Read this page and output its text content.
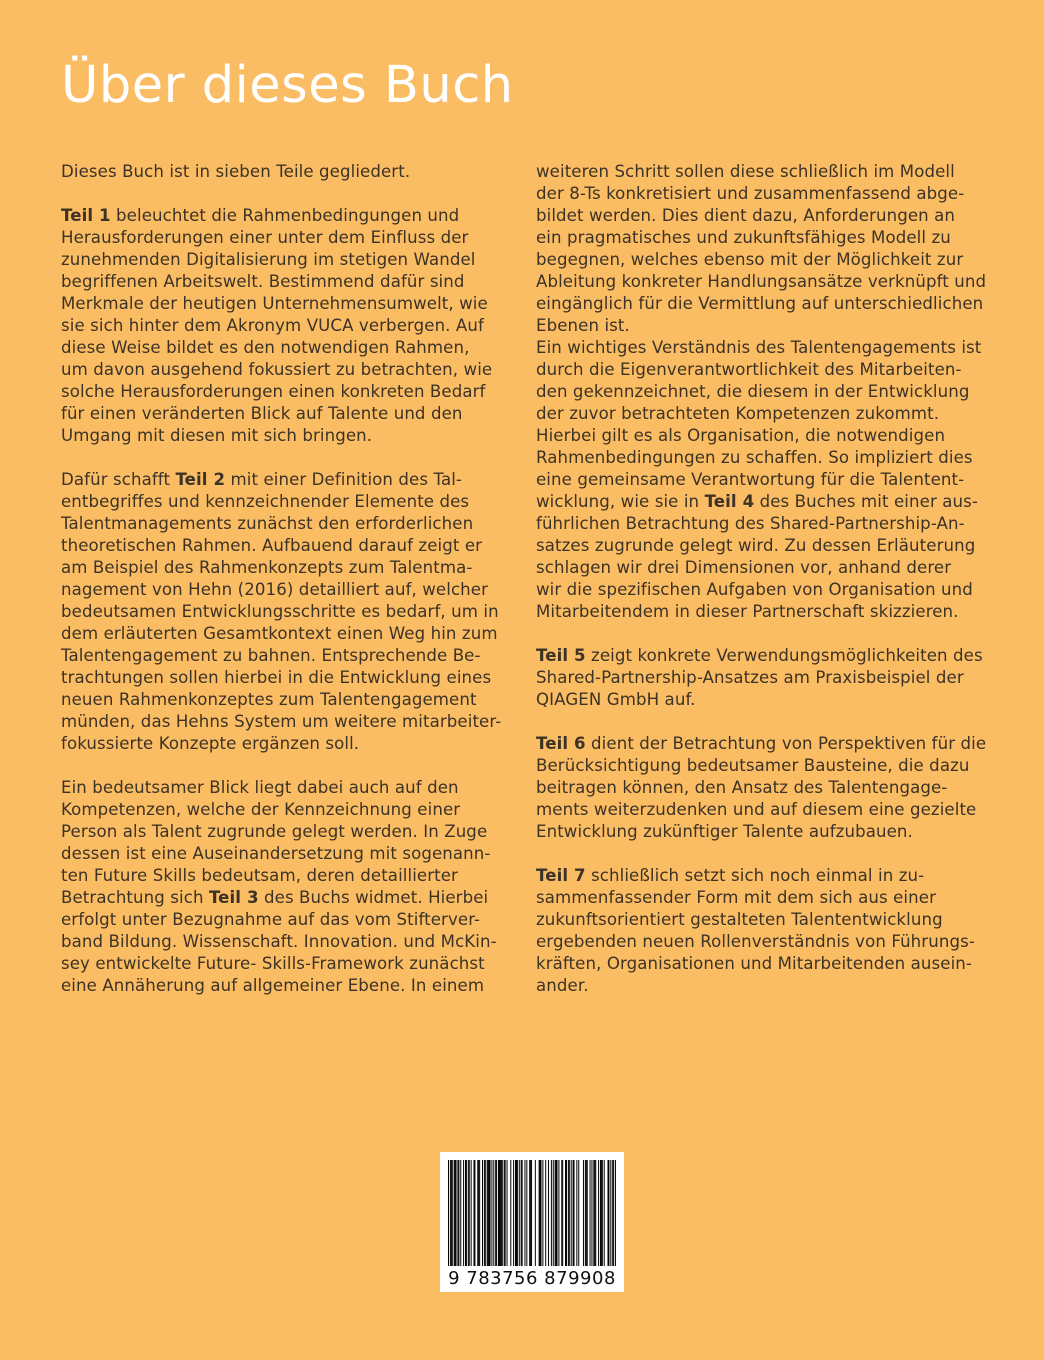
Über dieses Buch
Dieses Buch ist in sieben Teile gegliedert.
Teil 1 beleuchtet die Rahmenbedingungen und
Herausforderungen einer unter dem Einfluss der
zunehmenden Digitalisierung im stetigen Wandel
begriffenen Arbeitswelt. Bestimmend dafür sind
Merkmale der heutigen Unternehmensumwelt, wie
sie sich hinter dem Akronym VUCA verbergen. Auf
diese Weise bildet es den notwendigen Rahmen,
um davon ausgehend fokussiert zu betrachten, wie
solche Herausforderungen einen konkreten Bedarf
für einen veränderten Blick auf Talente und den
Umgang mit diesen mit sich bringen.
Dafür schafft Teil 2 mit einer Definition des Tal-
entbegriffes und kennzeichnender Elemente des
Talentmanagements zunächst den erforderlichen
theoretischen Rahmen. Aufbauend darauf zeigt er
am Beispiel des Rahmenkonzepts zum Talentma-
nagement von Hehn (2016) detailliert auf, welcher
bedeutsamen Entwicklungsschritte es bedarf, um in
dem erläuterten Gesamtkontext einen Weg hin zum
Talentengagement zu bahnen. Entsprechende Be-
trachtungen sollen hierbei in die Entwicklung eines
neuen Rahmenkonzeptes zum Talentengagement
münden, das Hehns System um weitere mitarbeiter-
fokussierte Konzepte ergänzen soll.
Ein bedeutsamer Blick liegt dabei auch auf den
Kompetenzen, welche der Kennzeichnung einer
Person als Talent zugrunde gelegt werden. In Zuge
dessen ist eine Auseinandersetzung mit sogenann-
ten Future Skills bedeutsam, deren detaillierter
Betrachtung sich Teil 3 des Buchs widmet. Hierbei
erfolgt unter Bezugnahme auf das vom Stifterver-
band Bildung. Wissenschaft. Innovation. und McKin-
sey entwickelte Future- Skills-Framework zunächst
eine Annäherung auf allgemeiner Ebene. In einem
weiteren Schritt sollen diese schließlich im Modell
der 8-Ts konkretisiert und zusammenfassend abge-
bildet werden. Dies dient dazu, Anforderungen an
ein pragmatisches und zukunftsfähiges Modell zu
begegnen, welches ebenso mit der Möglichkeit zur
Ableitung konkreter Handlungsansätze verknüpft und
eingänglich für die Vermittlung auf unterschiedlichen
Ebenen ist.
Ein wichtiges Verständnis des Talentengagements ist
durch die Eigenverantwortlichkeit des Mitarbeiten-
den gekennzeichnet, die diesem in der Entwicklung
der zuvor betrachteten Kompetenzen zukommt.
Hierbei gilt es als Organisation, die notwendigen
Rahmenbedingungen zu schaffen. So impliziert dies
eine gemeinsame Verantwortung für die Talentent-
wicklung, wie sie in Teil 4 des Buches mit einer aus-
führlichen Betrachtung des Shared-Partnership-An-
satzes zugrunde gelegt wird. Zu dessen Erläuterung
schlagen wir drei Dimensionen vor, anhand derer
wir die spezifischen Aufgaben von Organisation und
Mitarbeitendem in dieser Partnerschaft skizzieren.
Teil 5 zeigt konkrete Verwendungsmöglichkeiten des
Shared-Partnership-Ansatzes am Praxisbeispiel der
QIAGEN GmbH auf.
Teil 6 dient der Betrachtung von Perspektiven für die
Berücksichtigung bedeutsamer Bausteine, die dazu
beitragen können, den Ansatz des Talentengage-
ments weiterzudenken und auf diesem eine gezielte
Entwicklung zukünftiger Talente aufzubauen.
Teil 7 schließlich setzt sich noch einmal in zu-
sammenfassender Form mit dem sich aus einer
zukunftsorientiert gestalteten Talententwicklung
ergebenden neuen Rollenverständnis von Führungs-
kräften, Organisationen und Mitarbeitenden ausein-
ander.
9 783756 879908
